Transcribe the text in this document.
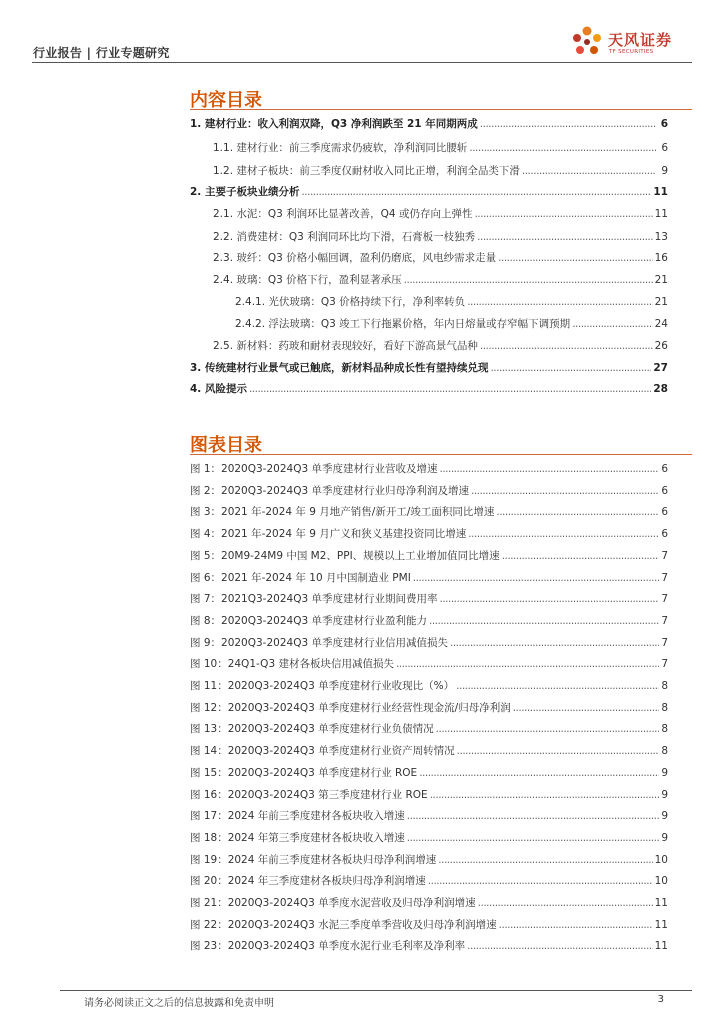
行业报告 | 行业专题研究
天风证券
TF SECURITIES
内容目录
1. 建材行业：收入利润双降，Q3 净利润跌至 21 年同期两成 .....	6
1.1. 建材行业：前三季度需求仍疲软，净利润同比腰斩 .....	6
1.2. 建材子板块：前三季度仅耐材收入同比正增，利润全品类下滑 .....	9
2. 主要子板块业绩分析 .....	11
2.1. 水泥：Q3 利润环比显著改善，Q4 或仍存向上弹性 .....	11
2.2. 消费建材：Q3 利润同环比均下滑，石膏板一枝独秀 .....	13
2.3. 玻纤：Q3 价格小幅回调，盈利仍磨底，风电纱需求走量 .....	16
2.4. 玻璃：Q3 价格下行，盈利显著承压 .....	21
2.4.1. 光伏玻璃：Q3 价格持续下行，净利率转负 .....	21
2.4.2. 浮法玻璃：Q3 竣工下行拖累价格，年内日熔量或存窄幅下调预期 .....	24
2.5. 新材料：药玻和耐材表现较好，看好下游高景气品种 .....	26
3. 传统建材行业景气或已触底，新材料品种成长性有望持续兑现 .....	27
4. 风险提示 .....	28
图表目录
图 1：2020Q3-2024Q3 单季度建材行业营收及增速 .....	6
图 2：2020Q3-2024Q3 单季度建材行业归母净利润及增速 .....	6
图 3：2021 年-2024 年 9 月地产销售/新开工/竣工面积同比增速 .....	6
图 4：2021 年-2024 年 9 月广义和狭义基建投资同比增速 .....	6
图 5：20M9-24M9 中国 M2、PPI、规模以上工业增加值同比增速 .....	7
图 6：2021 年-2024 年 10 月中国制造业 PMI .....	7
图 7：2021Q3-2024Q3 单季度建材行业期间费用率 .....	7
图 8：2020Q3-2024Q3 单季度建材行业盈利能力 .....	7
图 9：2020Q3-2024Q3 单季度建材行业信用减值损失 .....	7
图 10：24Q1-Q3 建材各板块信用减值损失 .....	7
图 11：2020Q3-2024Q3 单季度建材行业收现比（%） .....	8
图 12：2020Q3-2024Q3 单季度建材行业经营性现金流/归母净利润 .....	8
图 13：2020Q3-2024Q3 单季度建材行业负债情况 .....	8
图 14：2020Q3-2024Q3 单季度建材行业资产周转情况 .....	8
图 15：2020Q3-2024Q3 单季度建材行业 ROE .....	9
图 16：2020Q3-2024Q3 第三季度建材行业 ROE .....	9
图 17：2024 年前三季度建材各板块收入增速 .....	9
图 18：2024 年第三季度建材各板块收入增速 .....	9
图 19：2024 年前三季度建材各板块归母净利润增速 .....	10
图 20：2024 年三季度建材各板块归母净利润增速 .....	10
图 21：2020Q3-2024Q3 单季度水泥营收及归母净利润增速 .....	11
图 22：2020Q3-2024Q3 水泥三季度单季营收及归母净利润增速 .....	11
图 23：2020Q3-2024Q3 单季度水泥行业毛利率及净利率 .....	11
请务必阅读正文之后的信息披露和免责申明	3
